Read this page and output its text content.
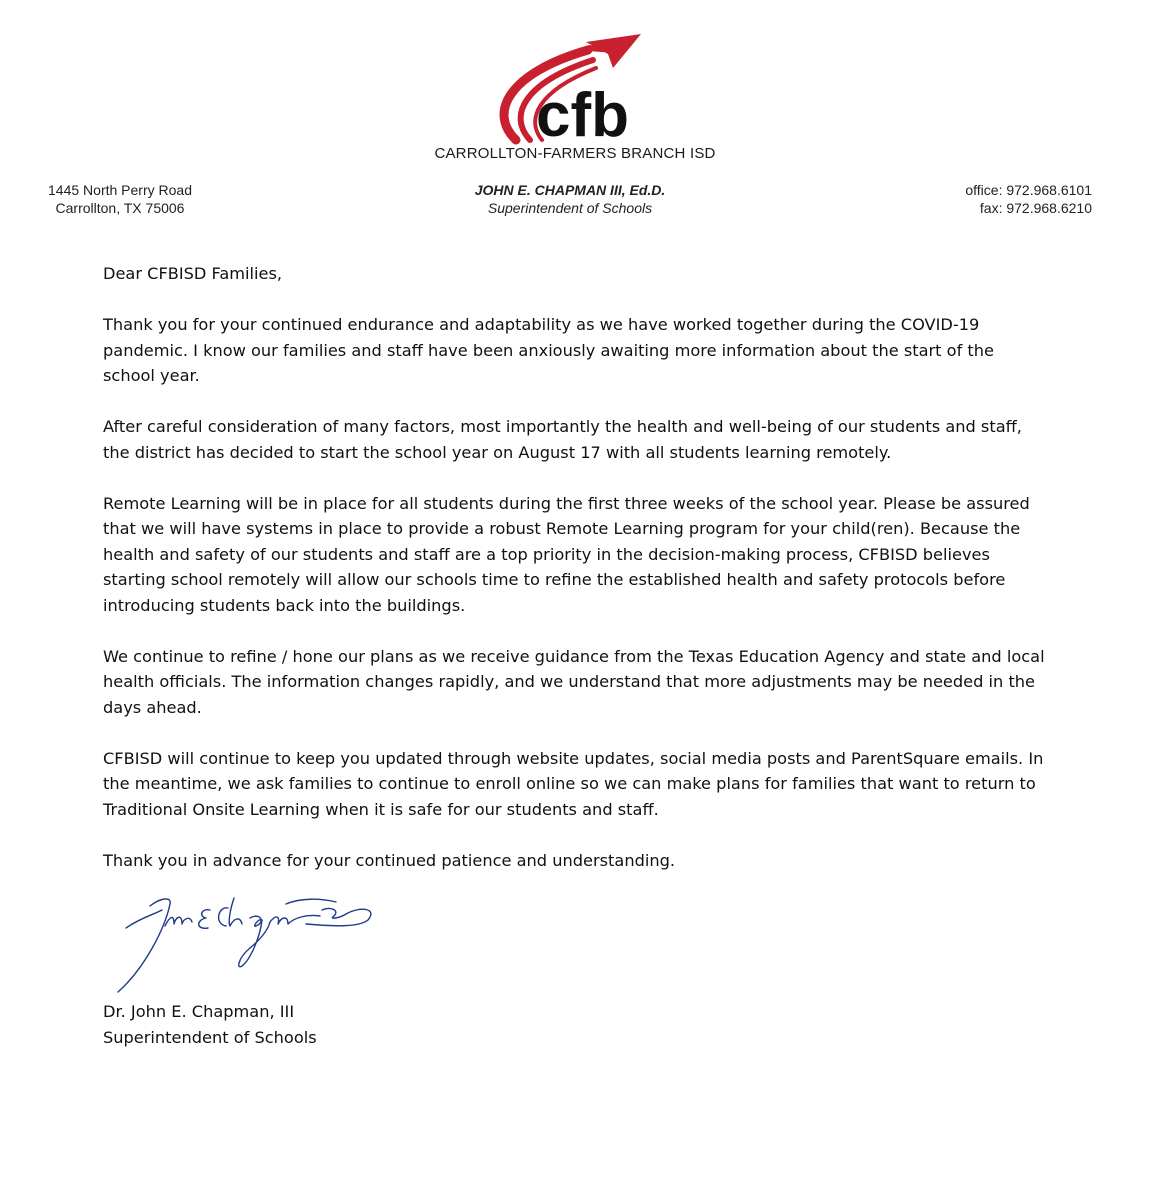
cfb
CARROLLTON-FARMERS BRANCH ISD
1445 North Perry Road
Carrollton, TX 75006
JOHN E. CHAPMAN III, Ed.D.
Superintendent of Schools
office: 972.968.6101
fax: 972.968.6210

Dear CFBISD Families,

Thank you for your continued endurance and adaptability as we have worked together during the COVID-19 pandemic. I know our families and staff have been anxiously awaiting more information about the start of the school year.

After careful consideration of many factors, most importantly the health and well-being of our students and staff, the district has decided to start the school year on August 17 with all students learning remotely.

Remote Learning will be in place for all students during the first three weeks of the school year. Please be assured that we will have systems in place to provide a robust Remote Learning program for your child(ren). Because the health and safety of our students and staff are a top priority in the decision-making process, CFBISD believes starting school remotely will allow our schools time to refine the established health and safety protocols before introducing students back into the buildings.

We continue to refine / hone our plans as we receive guidance from the Texas Education Agency and state and local health officials. The information changes rapidly, and we understand that more adjustments may be needed in the days ahead.

CFBISD will continue to keep you updated through website updates, social media posts and ParentSquare emails. In the meantime, we ask families to continue to enroll online so we can make plans for families that want to return to Traditional Onsite Learning when it is safe for our students and staff.

Thank you in advance for your continued patience and understanding.

Dr. John E. Chapman, III
Superintendent of Schools
